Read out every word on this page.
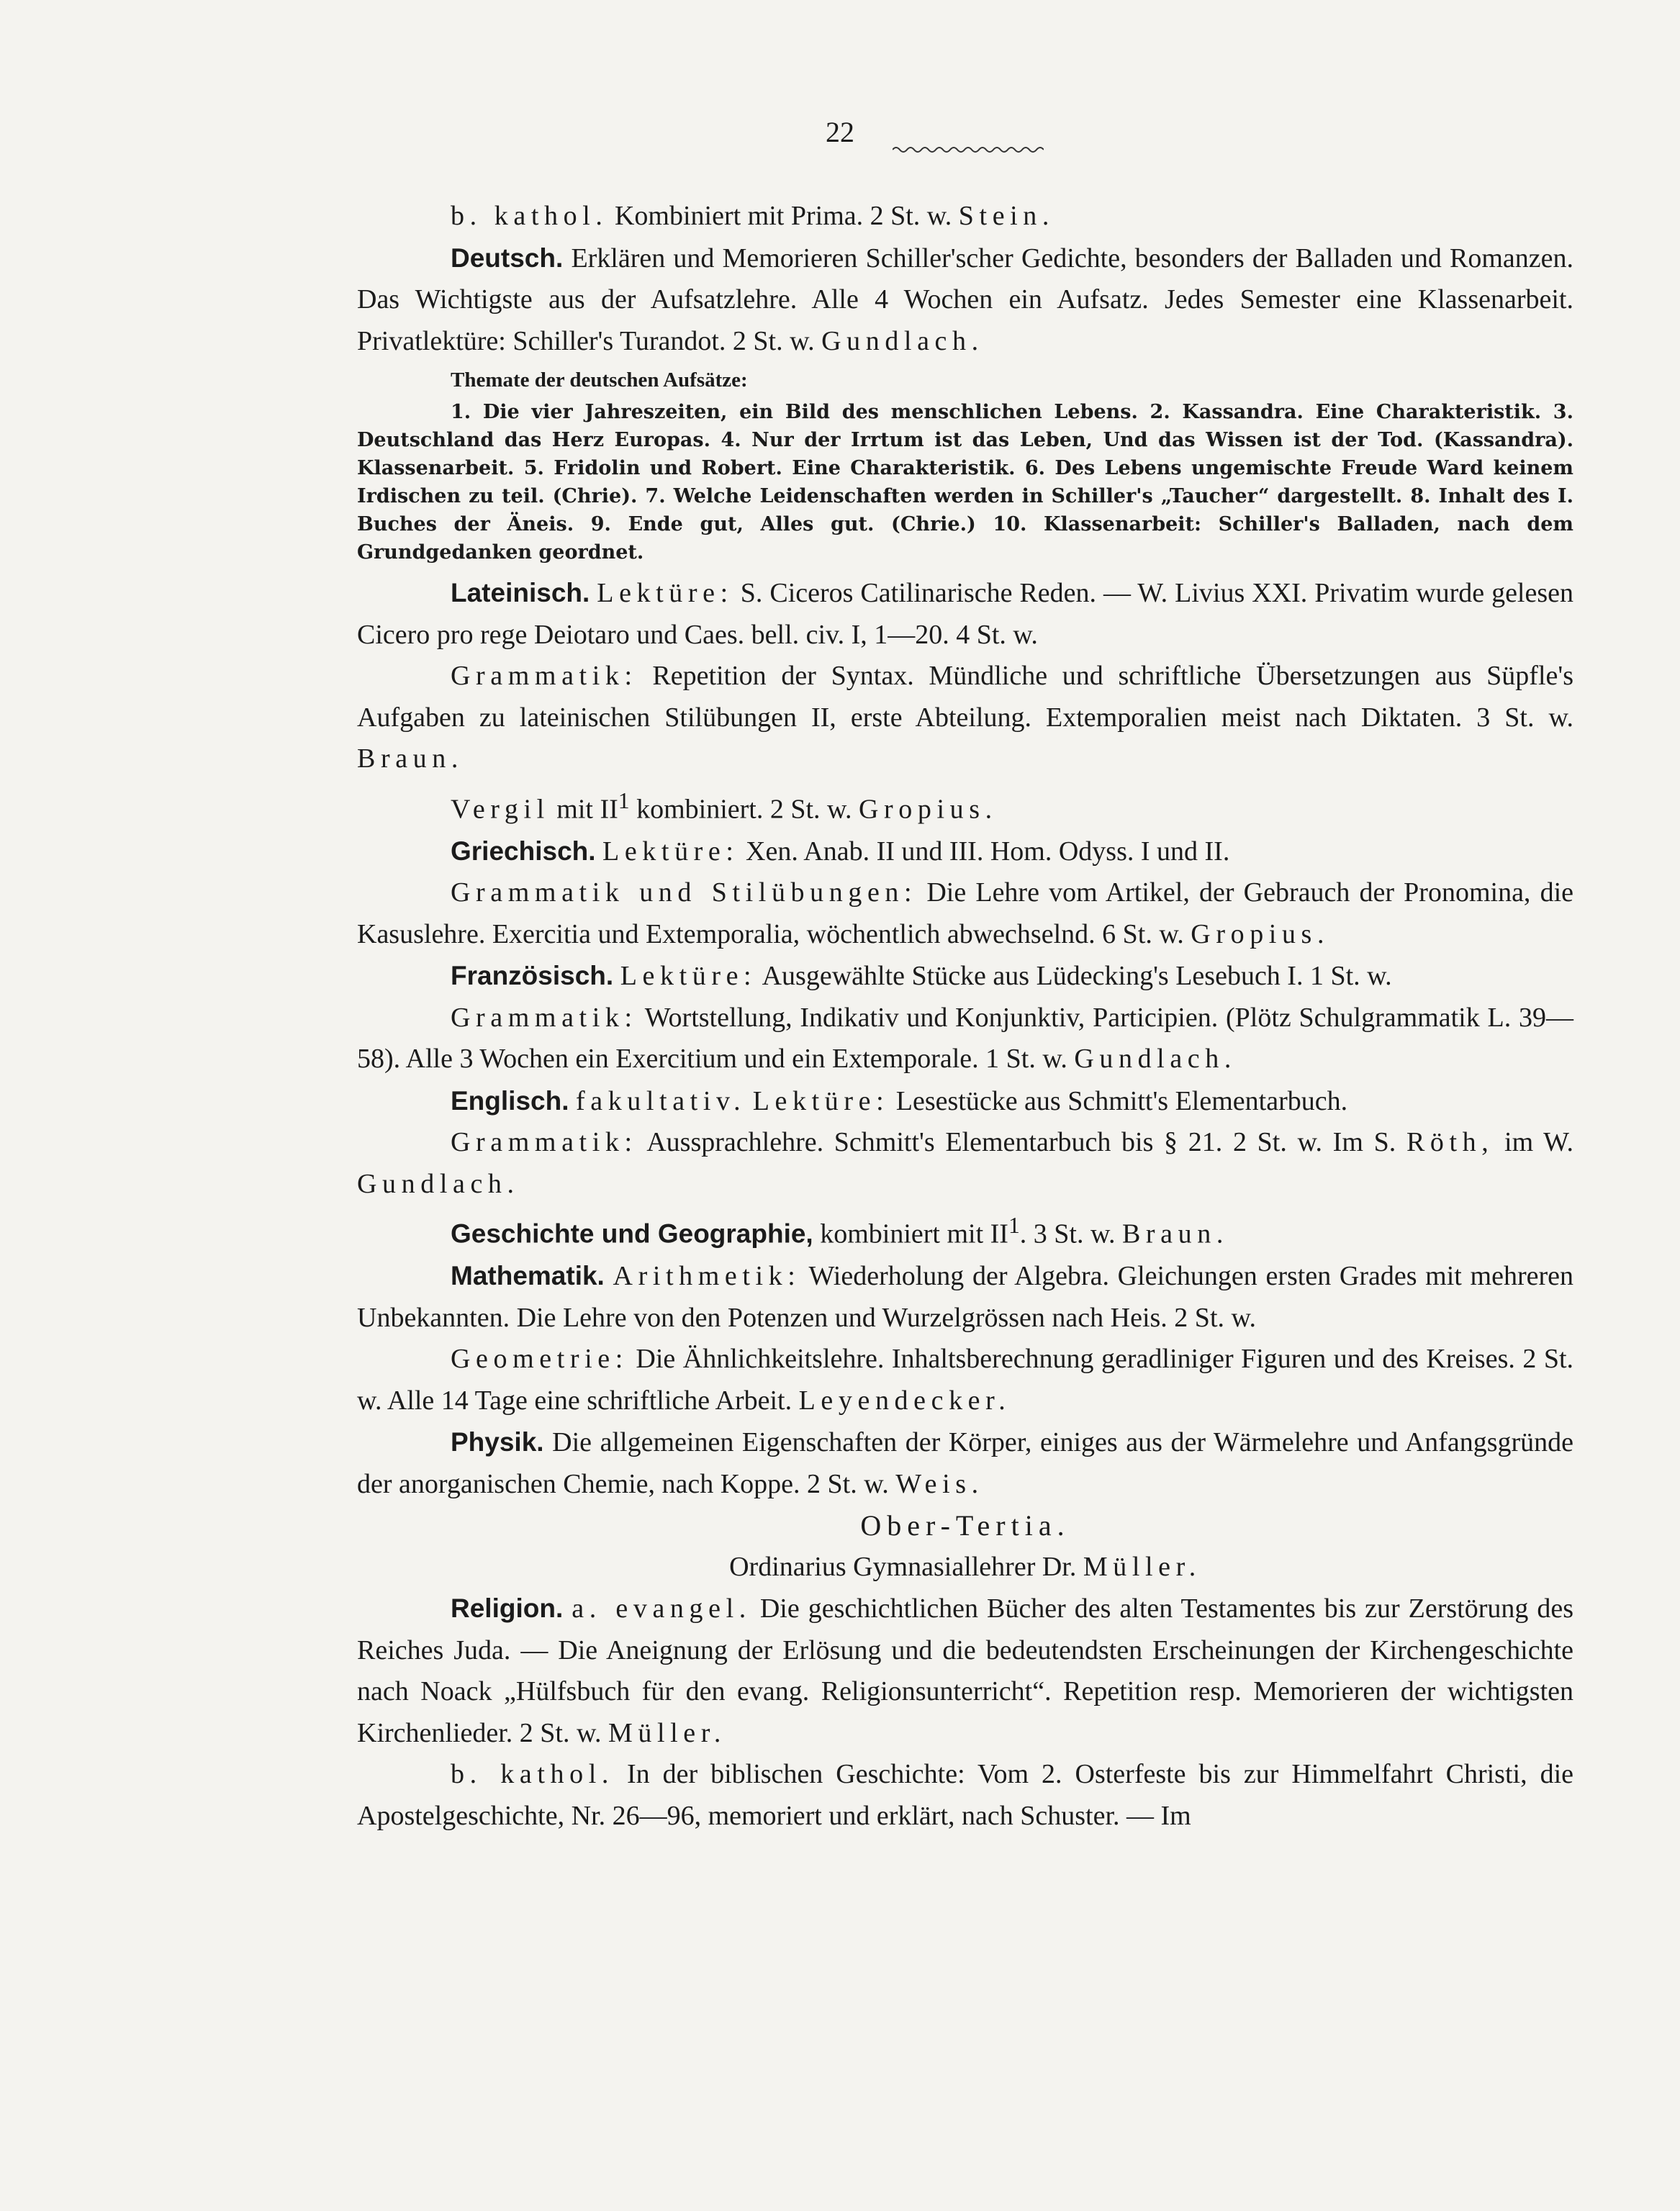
22

b. kathol. Kombiniert mit Prima. 2 St. w. Stein.

Deutsch. Erklären und Memorieren Schiller'scher Gedichte, besonders der Balladen und Romanzen. Das Wichtigste aus der Aufsatzlehre. Alle 4 Wochen ein Aufsatz. Jedes Semester eine Klassenarbeit. Privatlektüre: Schiller's Turandot. 2 St. w. Gundlach.

Themate der deutschen Aufsätze:

1. Die vier Jahreszeiten, ein Bild des menschlichen Lebens. 2. Kassandra. Eine Charakteristik. 3. Deutschland das Herz Europas. 4. Nur der Irrtum ist das Leben, Und das Wissen ist der Tod. (Kassandra). Klassenarbeit. 5. Fridolin und Robert. Eine Charakteristik. 6. Des Lebens ungemischte Freude Ward keinem Irdischen zu teil. (Chrie). 7. Welche Leidenschaften werden in Schiller's „Taucher“ dargestellt. 8. Inhalt des I. Buches der Äneis. 9. Ende gut, Alles gut. (Chrie.) 10. Klassenarbeit: Schiller's Balladen, nach dem Grundgedanken geordnet.

Lateinisch. Lektüre: S. Ciceros Catilinarische Reden. — W. Livius XXI. Privatim wurde gelesen Cicero pro rege Deiotaro und Caes. bell. civ. I, 1—20. 4 St. w.

Grammatik: Repetition der Syntax. Mündliche und schriftliche Übersetzungen aus Süpfle's Aufgaben zu lateinischen Stilübungen II, erste Abteilung. Extemporalien meist nach Diktaten. 3 St. w. Braun.

Vergil mit $II^1$ kombiniert. 2 St. w. Gropius.

Griechisch. Lektüre: Xen. Anab. II und III. Hom. Odyss. I und II.

Grammatik und Stilübungen: Die Lehre vom Artikel, der Gebrauch der Pronomina, die Kasuslehre. Exercitia und Extemporalia, wöchentlich abwechselnd. 6 St. w. Gropius.

Französisch. Lektüre: Ausgewählte Stücke aus Lüdecking's Lesebuch I. 1 St. w.

Grammatik: Wortstellung, Indikativ und Konjunktiv, Participien. (Plötz Schulgrammatik L. 39—58). Alle 3 Wochen ein Exercitium und ein Extemporale. 1 St. w. Gundlach.

Englisch. fakultativ. Lektüre: Lesestücke aus Schmitt's Elementarbuch.

Grammatik: Aussprachlehre. Schmitt's Elementarbuch bis § 21. 2 St. w. Im S. Röth, im W. Gundlach.

Geschichte und Geographie, kombiniert mit $II^1$. 3 St. w. Braun.

Mathematik. Arithmetik: Wiederholung der Algebra. Gleichungen ersten Grades mit mehreren Unbekannten. Die Lehre von den Potenzen und Wurzelgrössen nach Heis. 2 St. w.

Geometrie: Die Ähnlichkeitslehre. Inhaltsberechnung geradliniger Figuren und des Kreises. 2 St. w. Alle 14 Tage eine schriftliche Arbeit. Leyendecker.

Physik. Die allgemeinen Eigenschaften der Körper, einiges aus der Wärmelehre und Anfangsgründe der anorganischen Chemie, nach Koppe. 2 St. w. Weis.

Ober-Tertia.

Ordinarius Gymnasiallehrer Dr. Müller.

Religion. a. evangel. Die geschichtlichen Bücher des alten Testamentes bis zur Zerstörung des Reiches Juda. — Die Aneignung der Erlösung und die bedeutendsten Erscheinungen der Kirchengeschichte nach Noack „Hülfsbuch für den evang. Religionsunterricht“. Repetition resp. Memorieren der wichtigsten Kirchenlieder. 2 St. w. Müller.

b. kathol. In der biblischen Geschichte: Vom 2. Osterfeste bis zur Himmelfahrt Christi, die Apostelgeschichte, Nr. 26—96, memoriert und erklärt, nach Schuster. — Im
